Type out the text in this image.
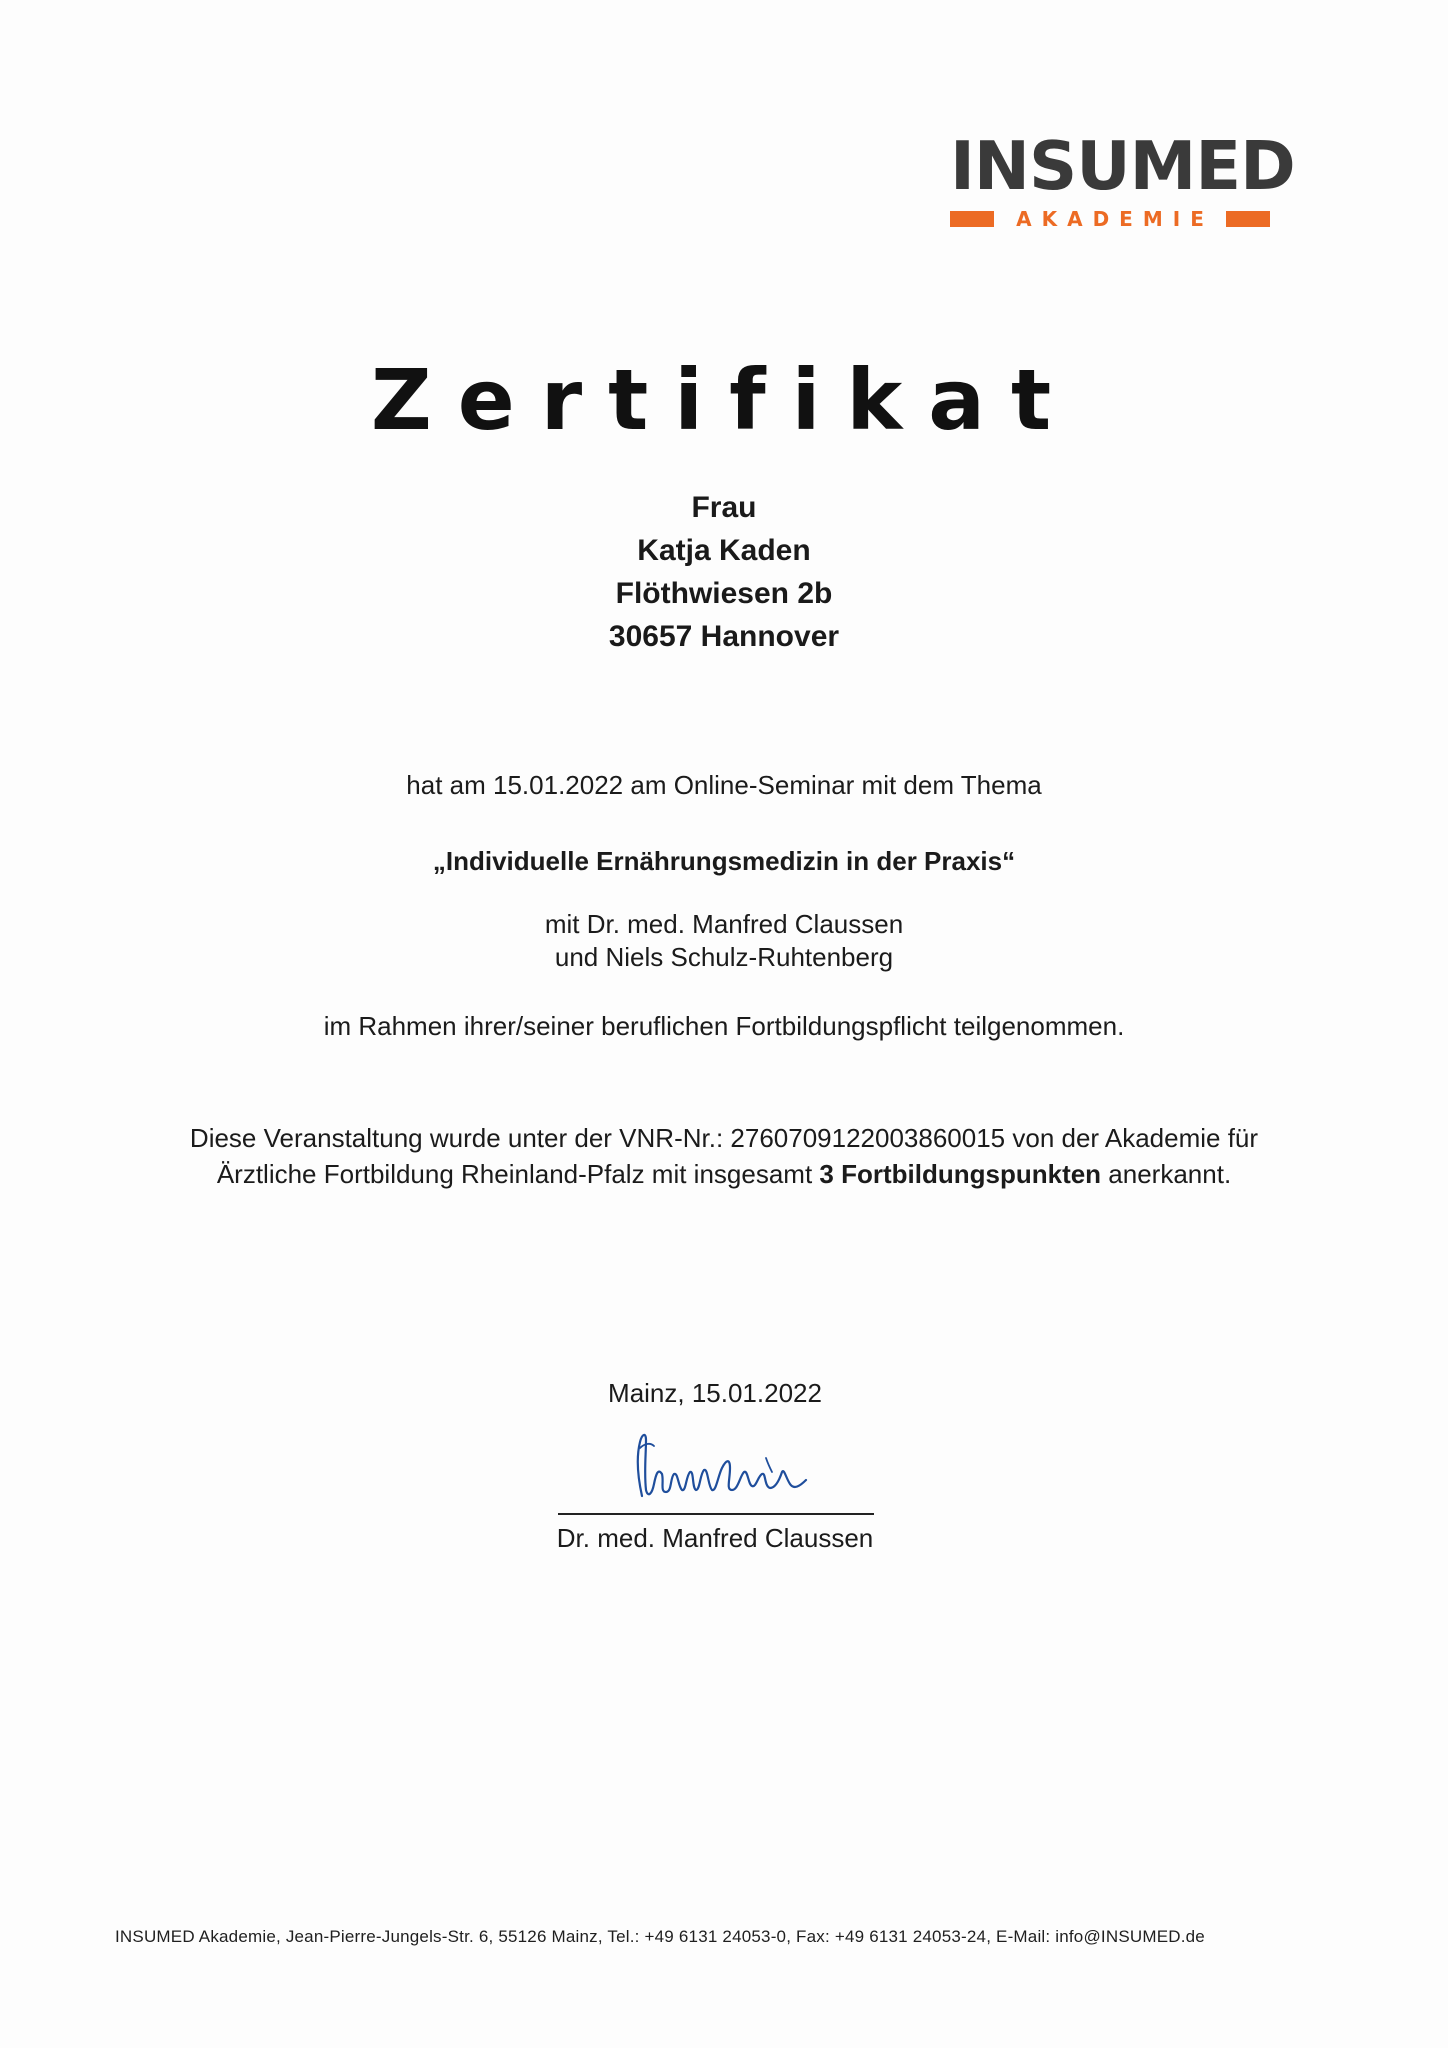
INSUMED
AKADEMIE
Zertifikat
Frau
Katja Kaden
Flöthwiesen 2b
30657 Hannover
hat am 15.01.2022 am Online-Seminar mit dem Thema
„Individuelle Ernährungsmedizin in der Praxis“
mit Dr. med. Manfred Claussen
und Niels Schulz-Ruhtenberg
im Rahmen ihrer/seiner beruflichen Fortbildungspflicht teilgenommen.
Diese Veranstaltung wurde unter der VNR-Nr.: 2760709122003860015 von der Akademie für
Ärztliche Fortbildung Rheinland-Pfalz mit insgesamt 3 Fortbildungspunkten anerkannt.
Mainz, 15.01.2022
Dr. med. Manfred Claussen
INSUMED Akademie, Jean-Pierre-Jungels-Str. 6, 55126 Mainz, Tel.: +49 6131 24053-0, Fax: +49 6131 24053-24, E-Mail: info@INSUMED.de
